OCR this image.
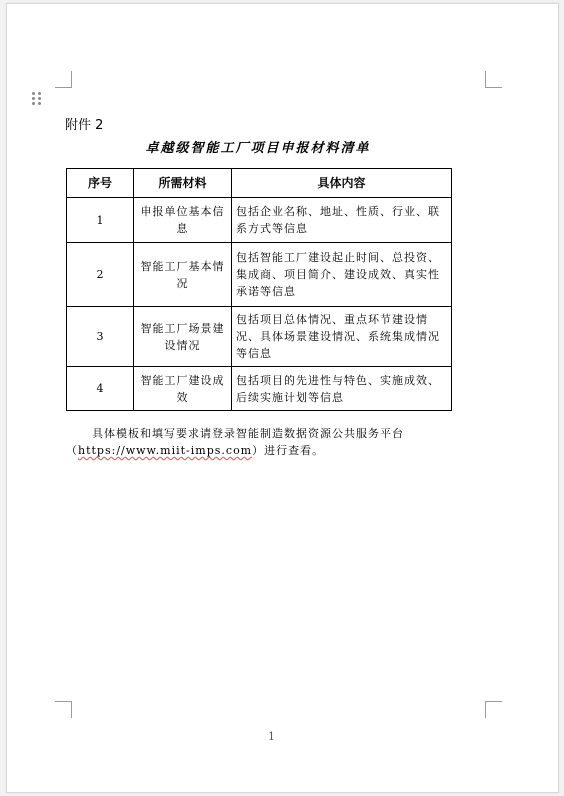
附件 2
卓越级智能工厂项目申报材料清单
序号	所需材料	具体内容
1	申报单位基本信息	包括企业名称、地址、性质、行业、联系方式等信息
2	智能工厂基本情况	包括智能工厂建设起止时间、总投资、集成商、项目简介、建设成效、真实性承诺等信息
3	智能工厂场景建设情况	包括项目总体情况、重点环节建设情况、具体场景建设情况、系统集成情况等信息
4	智能工厂建设成效	包括项目的先进性与特色、实施成效、后续实施计划等信息
具体模板和填写要求请登录智能制造数据资源公共服务平台（https://www.miit-imps.com）进行查看。
1
